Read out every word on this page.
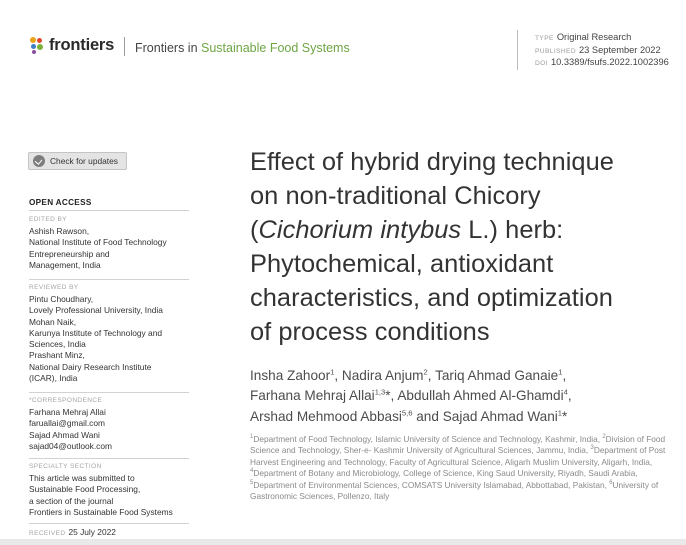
frontiers Frontiers in Sustainable Food Systems
TYPE Original Research
PUBLISHED 23 September 2022
DOI 10.3389/fsufs.2022.1002396
Check for updates
OPEN ACCESS
EDITED BY
Ashish Rawson,
National Institute of Food Technology
Entrepreneurship and
Management, India
REVIEWED BY
Pintu Choudhary,
Lovely Professional University, India
Mohan Naik,
Karunya Institute of Technology and
Sciences, India
Prashant Minz,
National Dairy Research Institute
(ICAR), India
*CORRESPONDENCE
Farhana Mehraj Allai
faruallai@gmail.com
Sajad Ahmad Wani
sajad04@outlook.com
SPECIALTY SECTION
This article was submitted to
Sustainable Food Processing,
a section of the journal
Frontiers in Sustainable Food Systems
RECEIVED 25 July 2022
Effect of hybrid drying technique
on non-traditional Chicory
(Cichorium intybus L.) herb:
Phytochemical, antioxidant
characteristics, and optimization
of process conditions
Insha Zahoor$^1$, Nadira Anjum$^2$, Tariq Ahmad Ganaie$^1$,
Farhana Mehraj Allai$^{1,3}$*, Abdullah Ahmed Al-Ghamdi$^4$,
Arshad Mehmood Abbasi$^{5,6}$ and Sajad Ahmad Wani$^1$*
$^1$Department of Food Technology, Islamic University of Science and Technology, Kashmir, India, $^2$Division of Food Science and Technology, Sher-e- Kashmir University of Agricultural Sciences, Jammu, India, $^3$Department of Post Harvest Engineering and Technology, Faculty of Agricultural Science, Aligarh Muslim University, Aligarh, India, $^4$Department of Botany and Microbiology, College of Science, King Saud University, Riyadh, Saudi Arabia, $^5$Department of Environmental Sciences, COMSATS University Islamabad, Abbottabad, Pakistan, $^6$University of Gastronomic Sciences, Pollenzo, Italy
